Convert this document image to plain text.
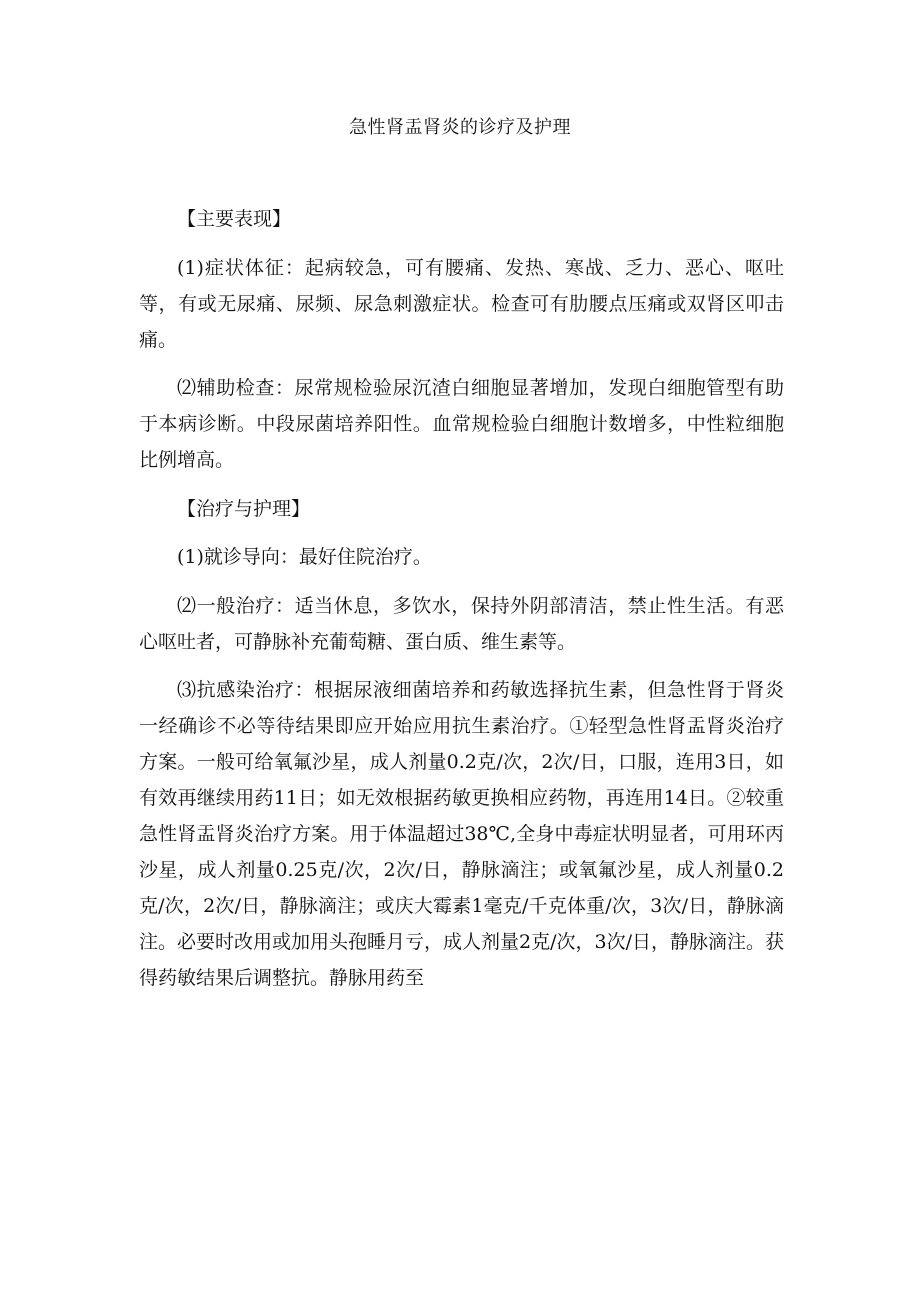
急性肾盂肾炎的诊疗及护理

【主要表现】

(1)症状体征：起病较急，可有腰痛、发热、寒战、乏力、恶心、呕吐等，有或无尿痛、尿频、尿急刺激症状。检查可有肋腰点压痛或双肾区叩击痛。

⑵辅助检查：尿常规检验尿沉渣白细胞显著增加，发现白细胞管型有助于本病诊断。中段尿菌培养阳性。血常规检验白细胞计数增多，中性粒细胞比例增高。

【治疗与护理】

(1)就诊导向：最好住院治疗。

⑵一般治疗：适当休息，多饮水，保持外阴部清洁，禁止性生活。有恶心呕吐者，可静脉补充葡萄糖、蛋白质、维生素等。

⑶抗感染治疗：根据尿液细菌培养和药敏选择抗生素，但急性肾于肾炎一经确诊不必等待结果即应开始应用抗生素治疗。①轻型急性肾盂肾炎治疗方案。一般可给氧氟沙星，成人剂量0.2克/次，2次/日，口服，连用3日，如有效再继续用药11日；如无效根据药敏更换相应药物，再连用14日。②较重急性肾盂肾炎治疗方案。用于体温超过38℃,全身中毒症状明显者，可用环丙沙星，成人剂量0.25克/次，2次/日，静脉滴注；或氧氟沙星，成人剂量0.2克/次，2次/日，静脉滴注；或庆大霉素1毫克/千克体重/次，3次/日，静脉滴注。必要时改用或加用头孢睡月亏，成人剂量2克/次，3次/日，静脉滴注。获得药敏结果后调整抗。静脉用药至
